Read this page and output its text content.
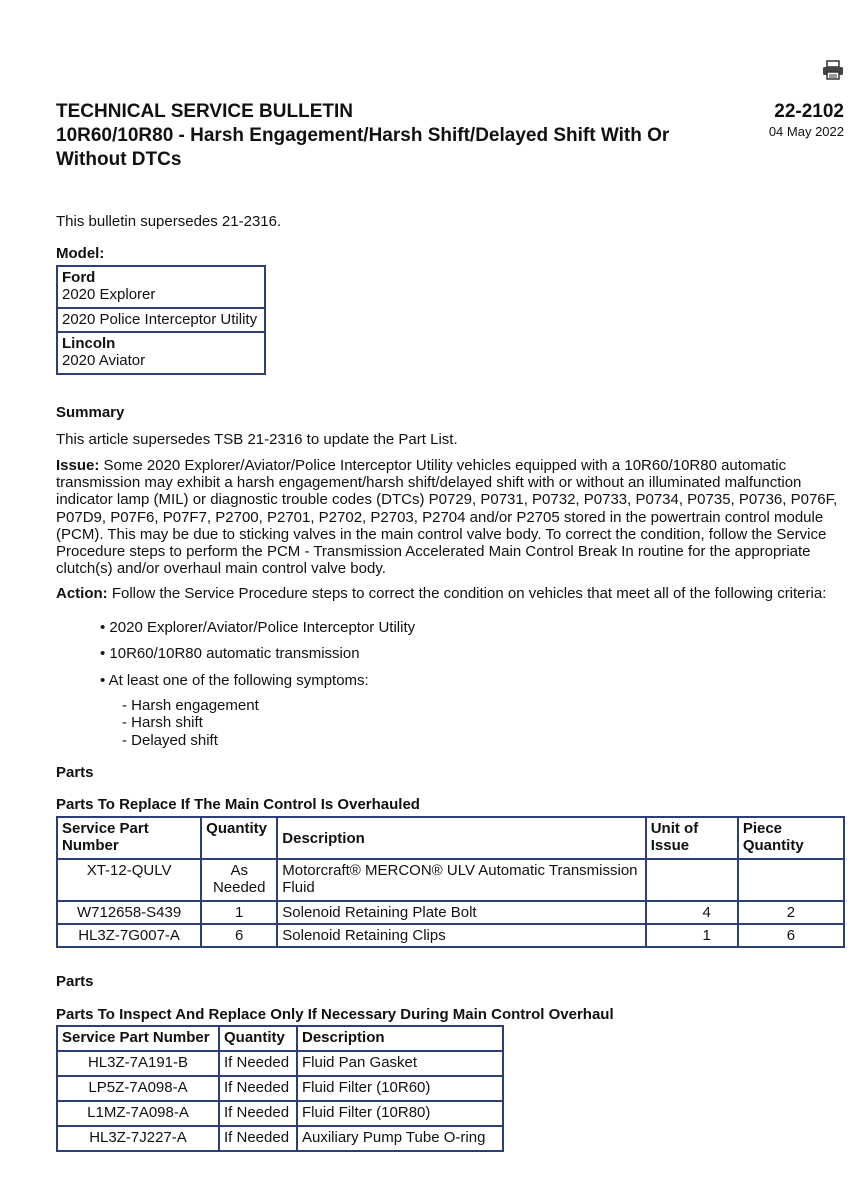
TECHNICAL SERVICE BULLETIN
10R60/10R80 - Harsh Engagement/Harsh Shift/Delayed Shift With Or Without DTCs
22-2102
04 May 2022
This bulletin supersedes 21-2316.
Model:
Ford
2020 Explorer

2020 Police Interceptor Utility

Lincoln
2020 Aviator
Summary
This article supersedes TSB 21-2316 to update the Part List.
Issue: Some 2020 Explorer/Aviator/Police Interceptor Utility vehicles equipped with a 10R60/10R80 automatic transmission may exhibit a harsh engagement/harsh shift/delayed shift with or without an illuminated malfunction indicator lamp (MIL) or diagnostic trouble codes (DTCs) P0729, P0731, P0732, P0733, P0734, P0735, P0736, P076F, P07D9, P07F6, P07F7, P2700, P2701, P2702, P2703, P2704 and/or P2705 stored in the powertrain control module (PCM). This may be due to sticking valves in the main control valve body. To correct the condition, follow the Service Procedure steps to perform the PCM - Transmission Accelerated Main Control Break In routine for the appropriate clutch(s) and/or overhaul main control valve body.
Action: Follow the Service Procedure steps to correct the condition on vehicles that meet all of the following criteria:
• 2020 Explorer/Aviator/Police Interceptor Utility
• 10R60/10R80 automatic transmission
• At least one of the following symptoms:
- Harsh engagement
- Harsh shift
- Delayed shift
Parts
Parts To Replace If The Main Control Is Overhauled
Service Part Number	Quantity	Description	Unit of Issue	Piece Quantity
XT-12-QULV	As Needed	Motorcraft® MERCON® ULV Automatic Transmission Fluid		
W712658-S439	1	Solenoid Retaining Plate Bolt	4	2
HL3Z-7G007-A	6	Solenoid Retaining Clips	1	6
Parts
Parts To Inspect And Replace Only If Necessary During Main Control Overhaul
Service Part Number	Quantity	Description
HL3Z-7A191-B	If Needed	Fluid Pan Gasket
LP5Z-7A098-A	If Needed	Fluid Filter (10R60)
L1MZ-7A098-A	If Needed	Fluid Filter (10R80)
HL3Z-7J227-A	If Needed	Auxiliary Pump Tube O-ring
